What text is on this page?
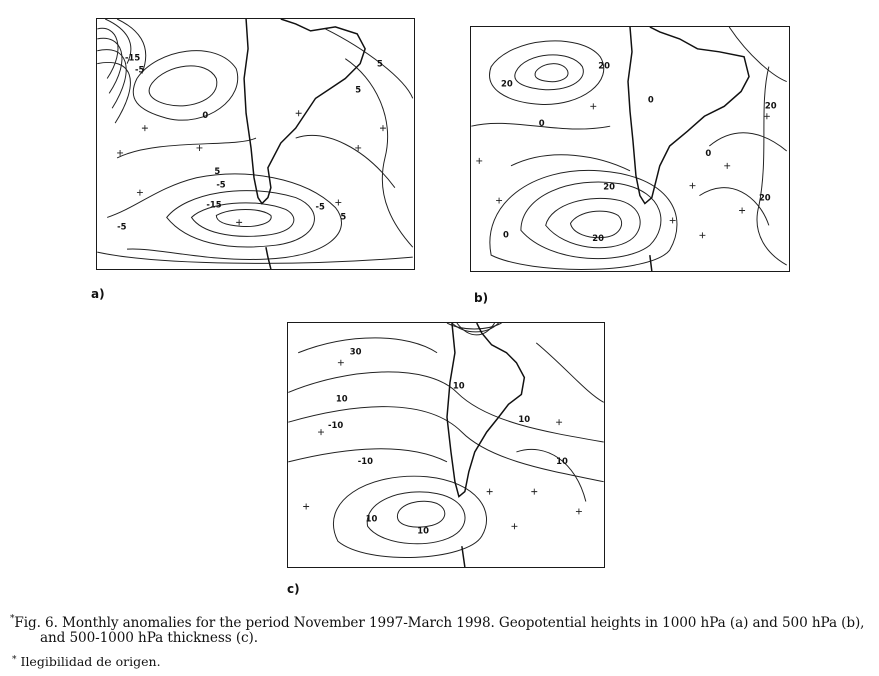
-15
-5
-5
5
0
5
-15
-5
5
5
-5
20
20
0
0
20
0
20
20
0
20
30
10
10
-10
-10
10
10
10
10
a)	b)
c)
*Fig. 6. Monthly anomalies for the period November 1997-March 1998. Geopotential heights in 1000 hPa (a) and 500 hPa (b),
and 500-1000 hPa thickness (c).
* Ilegibilidad de origen.
